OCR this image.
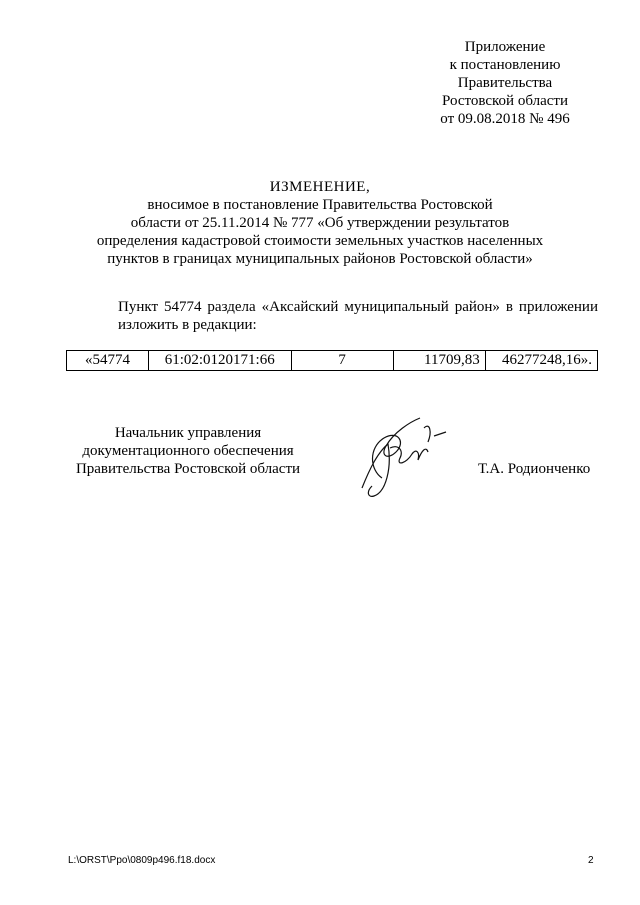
Приложение
к постановлению
Правительства
Ростовской области
от 09.08.2018 № 496
ИЗМЕНЕНИЕ,
вносимое в постановление Правительства Ростовской
области от 25.11.2014 № 777 «Об утверждении результатов
определения кадастровой стоимости земельных участков населенных
пунктов в границах муниципальных районов Ростовской области»
Пункт 54774 раздела «Аксайский муниципальный район» в приложении изложить в редакции:
«54774	61:02:0120171:66	7	11709,83	46277248,16».
Начальник управления
документационного обеспечения
Правительства Ростовской области	Т.А. Родионченко
L:\ORST\Ppo\0809p496.f18.docx	2
